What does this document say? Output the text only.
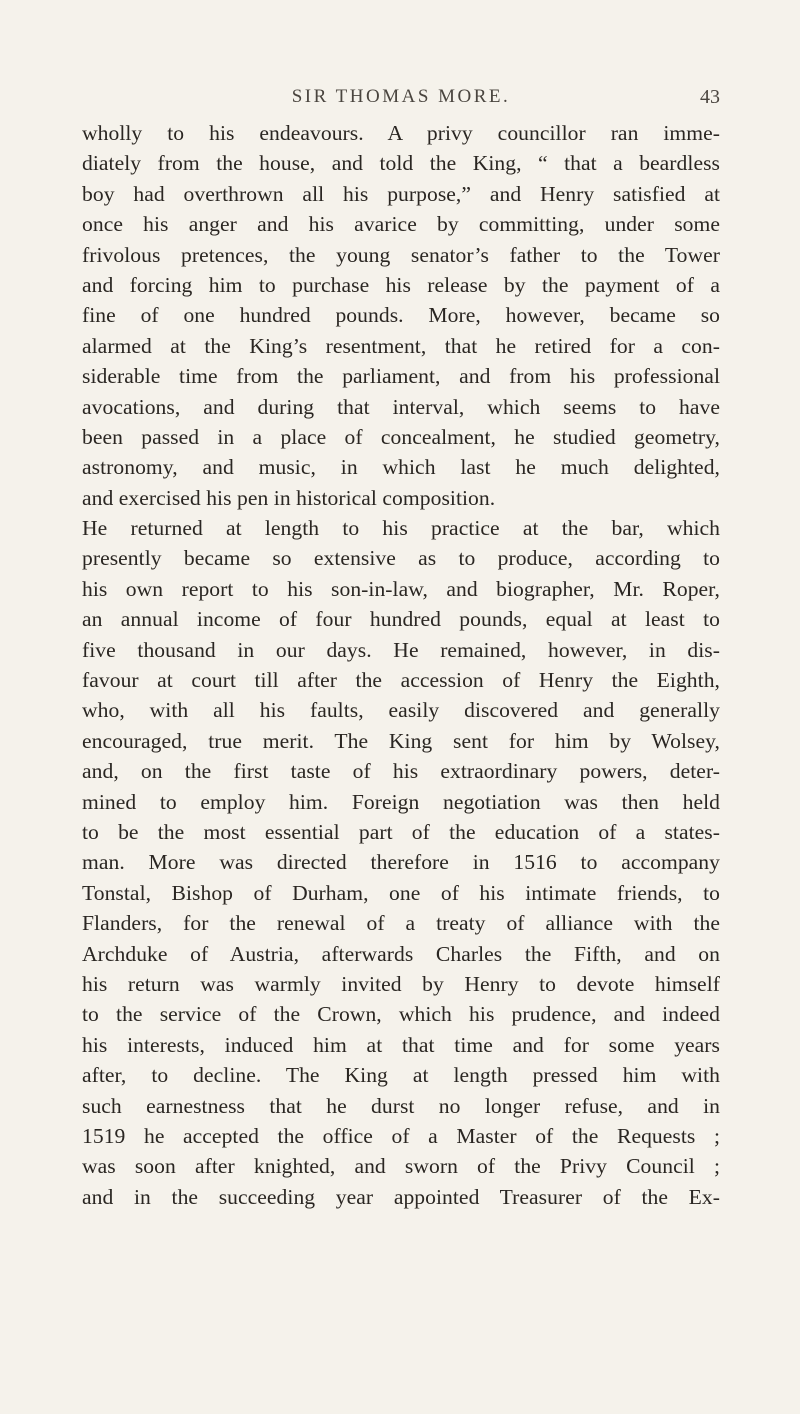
SIR THOMAS MORE.	43
wholly to his endeavours. A privy councillor ran imme-
diately from the house, and told the King, “ that a beardless
boy had overthrown all his purpose,” and Henry satisfied at
once his anger and his avarice by committing, under some
frivolous pretences, the young senator’s father to the Tower
and forcing him to purchase his release by the payment of a
fine of one hundred pounds. More, however, became so
alarmed at the King’s resentment, that he retired for a con-
siderable time from the parliament, and from his professional
avocations, and during that interval, which seems to have
been passed in a place of concealment, he studied geometry,
astronomy, and music, in which last he much delighted,
and exercised his pen in historical composition.
He returned at length to his practice at the bar, which
presently became so extensive as to produce, according to
his own report to his son-in-law, and biographer, Mr. Roper,
an annual income of four hundred pounds, equal at least to
five thousand in our days. He remained, however, in dis-
favour at court till after the accession of Henry the Eighth,
who, with all his faults, easily discovered and generally
encouraged, true merit. The King sent for him by Wolsey,
and, on the first taste of his extraordinary powers, deter-
mined to employ him. Foreign negotiation was then held
to be the most essential part of the education of a states-
man. More was directed therefore in 1516 to accompany
Tonstal, Bishop of Durham, one of his intimate friends, to
Flanders, for the renewal of a treaty of alliance with the
Archduke of Austria, afterwards Charles the Fifth, and on
his return was warmly invited by Henry to devote himself
to the service of the Crown, which his prudence, and indeed
his interests, induced him at that time and for some years
after, to decline. The King at length pressed him with
such earnestness that he durst no longer refuse, and in
1519 he accepted the office of a Master of the Requests ;
was soon after knighted, and sworn of the Privy Council ;
and in the succeeding year appointed Treasurer of the Ex-
